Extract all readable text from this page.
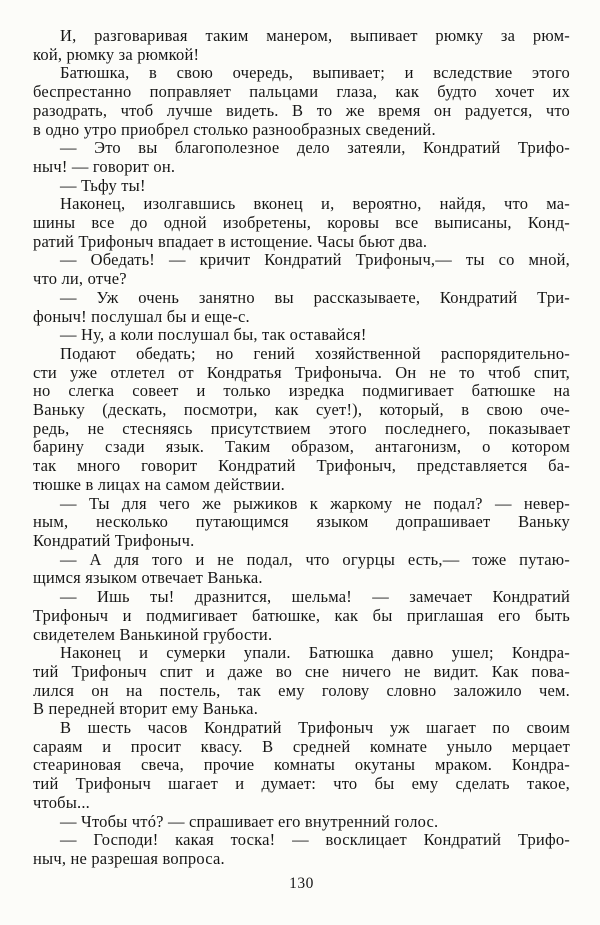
И, разговаривая таким манером, выпивает рюмку за рюм-
кой, рюмку за рюмкой!
Батюшка, в свою очередь, выпивает; и вследствие этого
беспрестанно поправляет пальцами глаза, как будто хочет их
разодрать, чтоб лучше видеть. В то же время он радуется, что
в одно утро приобрел столько разнообразных сведений.
— Это вы благополезное дело затеяли, Кондратий Трифо-
ныч! — говорит он.
— Тьфу ты!
Наконец, изолгавшись вконец и, вероятно, найдя, что ма-
шины все до одной изобретены, коровы все выписаны, Конд-
ратий Трифоныч впадает в истощение. Часы бьют два.
— Обедать! — кричит Кондратий Трифоныч,— ты со мной,
что ли, отче?
— Уж очень занятно вы рассказываете, Кондратий Три-
фоныч! послушал бы и еще-с.
— Ну, а коли послушал бы, так оставайся!
Подают обедать; но гений хозяйственной распорядительно-
сти уже отлетел от Кондратья Трифоныча. Он не то чтоб спит,
но слегка совеет и только изредка подмигивает батюшке на
Ваньку (дескать, посмотри, как сует!), который, в свою оче-
редь, не стесняясь присутствием этого последнего, показывает
барину сзади язык. Таким образом, антагонизм, о котором
так много говорит Кондратий Трифоныч, представляется ба-
тюшке в лицах на самом действии.
— Ты для чего же рыжиков к жаркому не подал? — невер-
ным, несколько путающимся языком допрашивает Ваньку
Кондратий Трифоныч.
— А для того и не подал, что огурцы есть,— тоже путаю-
щимся языком отвечает Ванька.
— Ишь ты! дразнится, шельма! — замечает Кондратий
Трифоныч и подмигивает батюшке, как бы приглашая его быть
свидетелем Ванькиной грубости.
Наконец и сумерки упали. Батюшка давно ушел; Кондра-
тий Трифоныч спит и даже во сне ничего не видит. Как пова-
лился он на постель, так ему голову словно заложило чем.
В передней вторит ему Ванька.
В шесть часов Кондратий Трифоныч уж шагает по своим
сараям и просит квасу. В средней комнате уныло мерцает
стеариновая свеча, прочие комнаты окутаны мраком. Кондра-
тий Трифоныч шагает и думает: что бы ему сделать такое,
чтобы...
— Чтобы чтó? — спрашивает его внутренний голос.
— Господи! какая тоска! — восклицает Кондратий Трифо-
ныч, не разрешая вопроса.
130
